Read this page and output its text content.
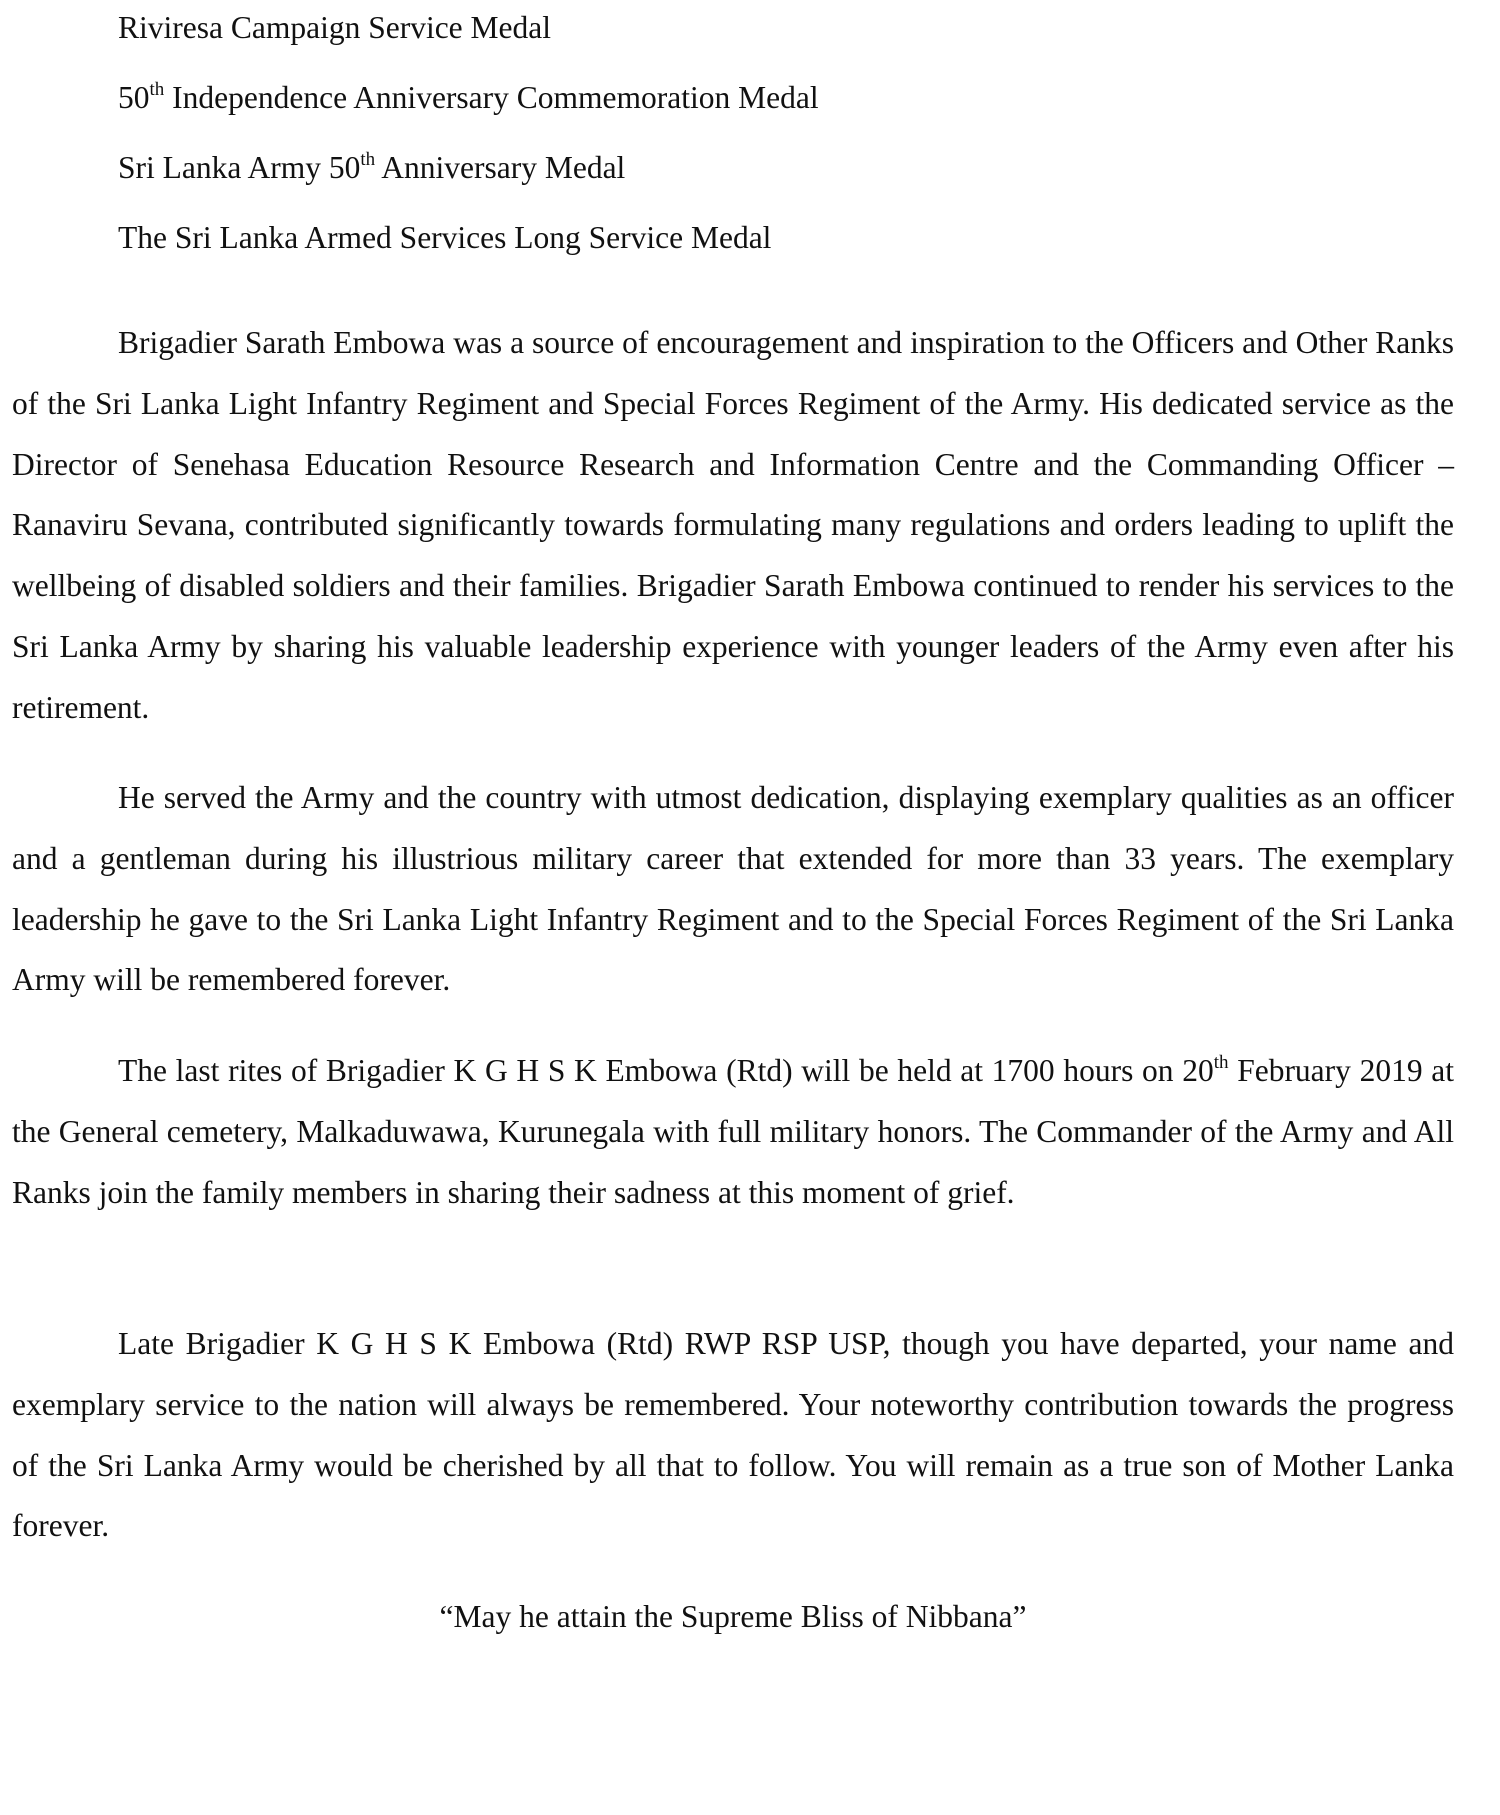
Riviresa Campaign Service Medal
50th Independence Anniversary Commemoration Medal
Sri Lanka Army 50th Anniversary Medal
The Sri Lanka Armed Services Long Service Medal

Brigadier Sarath Embowa was a source of encouragement and inspiration to the Officers and Other Ranks of the Sri Lanka Light Infantry Regiment and Special Forces Regiment of the Army. His dedicated service as the Director of Senehasa Education Resource Research and Information Centre and the Commanding Officer – Ranaviru Sevana, contributed significantly towards formulating many regulations and orders leading to uplift the wellbeing of disabled soldiers and their families. Brigadier Sarath Embowa continued to render his services to the Sri Lanka Army by sharing his valuable leadership experience with younger leaders of the Army even after his retirement.

He served the Army and the country with utmost dedication, displaying exemplary qualities as an officer and a gentleman during his illustrious military career that extended for more than 33 years. The exemplary leadership he gave to the Sri Lanka Light Infantry Regiment and to the Special Forces Regiment of the Sri Lanka Army will be remembered forever.

The last rites of Brigadier K G H S K Embowa (Rtd) will be held at 1700 hours on 20th February 2019 at the General cemetery, Malkaduwawa, Kurunegala with full military honors. The Commander of the Army and All Ranks join the family members in sharing their sadness at this moment of grief.

Late Brigadier K G H S K Embowa (Rtd) RWP RSP USP, though you have departed, your name and exemplary service to the nation will always be remembered. Your noteworthy contribution towards the progress of the Sri Lanka Army would be cherished by all that to follow. You will remain as a true son of Mother Lanka forever.

“May he attain the Supreme Bliss of Nibbana”
